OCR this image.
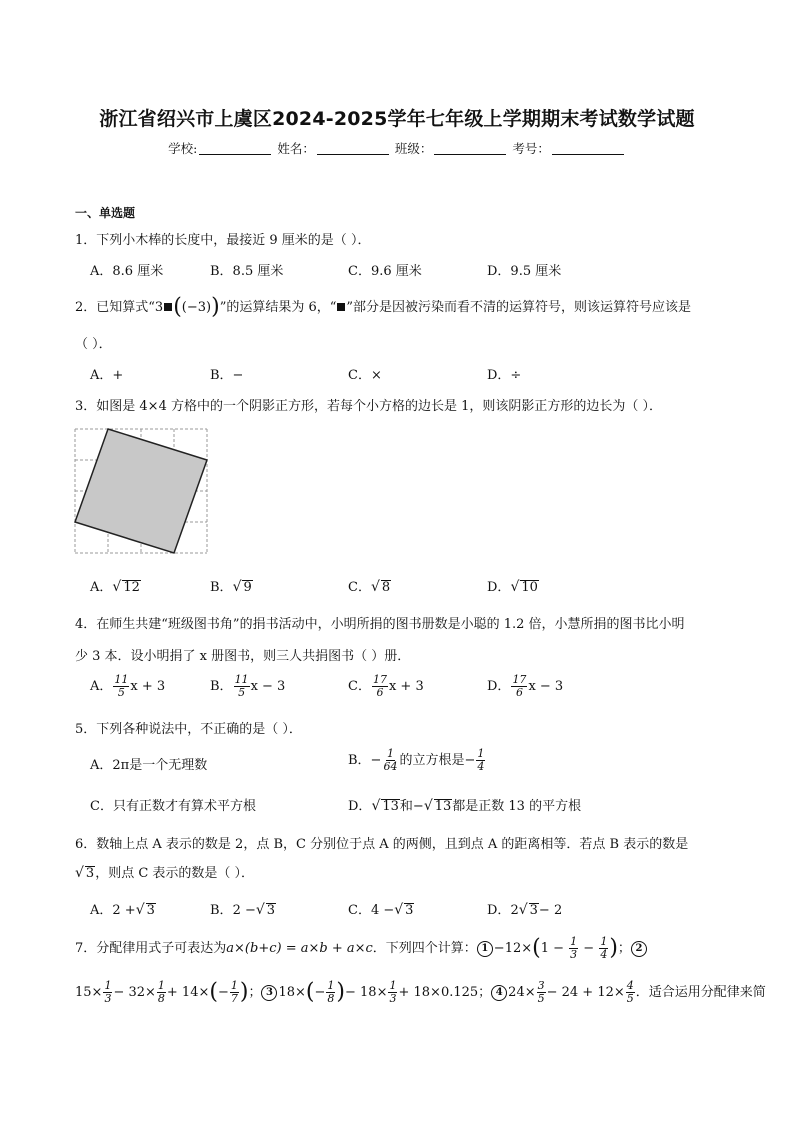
浙江省绍兴市上虞区2024-2025学年七年级上学期期末考试数学试题
学校:	姓名：	班级：	考号：
一、单选题
1．下列小木棒的长度中，最接近 9 厘米的是（ ）．
A．8.6 厘米	B．8.5 厘米	C．9.6 厘米	D．9.5 厘米
2．已知算式“3 ((−3))”的运算结果为 6，“ ”部分是因被污染而看不清的运算符号，则该运算符号应该是
（ ）．
A．+	B．−	C．×	D．÷
3．如图是 4×4 方格中的一个阴影正方形，若每个小方格的边长是 1，则该阴影正方形的边长为（ ）．
A．√ 12	B．√ 9	C．√ 8	D．√ 10
4．在师生共建“班级图书角”的捐书活动中，小明所捐的图书册数是小聪的 1.2 倍，小慧所捐的图书比小明
少 3 本．设小明捐了 x 册图书，则三人共捐图书（ ）册．
A． $\frac{11}{5}$ x + 3	B． $\frac{11}{5}$ x − 3	C． $\frac{17}{6}$ x + 3	D． $\frac{17}{6}$ x − 3
5．下列各种说法中，不正确的是（ ）．
A．2π是一个无理数	B．− $\frac{1}{64}$ 的立方根是− $\frac{1}{4}$
C．只有正数才有算术平方根	D．√ 13和−√ 13都是正数 13 的平方根
6．数轴上点 A 表示的数是 2，点 B，C 分别位于点 A 的两侧，且到点 A 的距离相等．若点 B 表示的数是
√ 3，则点 C 表示的数是（ ）．
A．2 +√ 3	B．2 −√ 3	C．4 −√ 3	D．2√ 3− 2
7．分配律用式子可表达为a×(b+c) = a×b + a×c．下列四个计算： $1 -12\times(1 - \frac{1}{3} - \frac{1}{4}$ )； 2
$15\times \frac{1}{3} - 32\times \frac{1}{8} + 14\times(- \frac{1}{7}$ )； 3 $18\times(- \frac{1}{8}$ )− $18\times \frac{1}{3} + 18\times 0.125$； 4 $24\times \frac{3}{5} - 24 + 12\times \frac{4}{5}$ ．适合运用分配律来简
